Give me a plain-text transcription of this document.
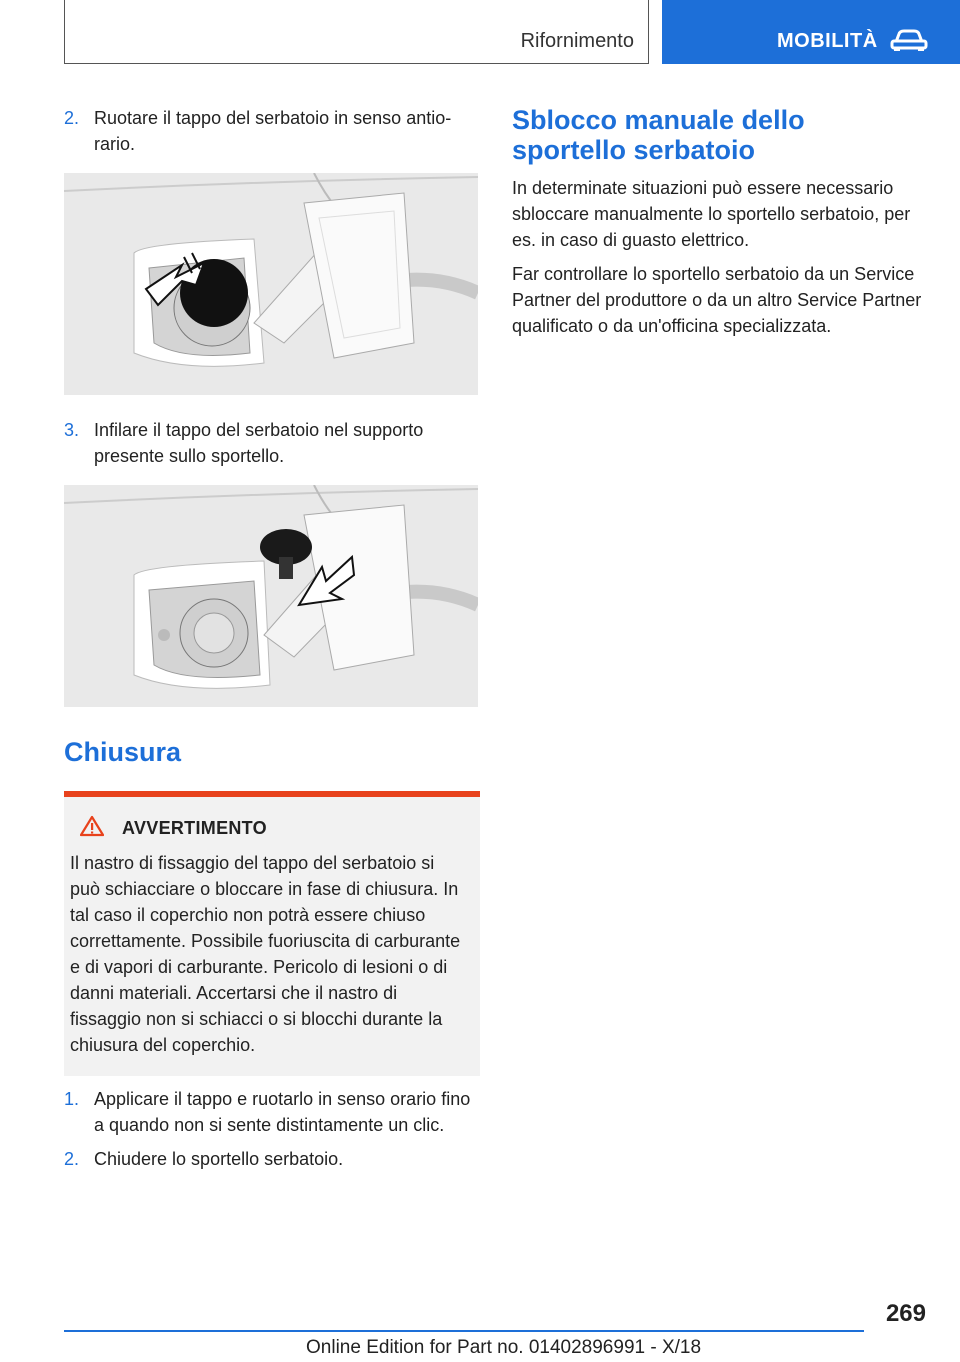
Rifornimento	MOBILITÀ
2. Ruotare il tappo del serbatoio in senso antiorario.
3. Infilare il tappo del serbatoio nel supporto presente sullo sportello.
Chiusura
AVVERTIMENTO
Il nastro di fissaggio del tappo del serbatoio si può schiacciare o bloccare in fase di chiusura. In tal caso il coperchio non potrà essere chiuso correttamente. Possibile fuoriuscita di carburante e di vapori di carburante. Pericolo di lesioni o di danni materiali. Accertarsi che il nastro di fissaggio non si schiacci o si blocchi durante la chiusura del coperchio.
1. Applicare il tappo e ruotarlo in senso orario fino a quando non si sente distintamente un clic.
2. Chiudere lo sportello serbatoio.
Sblocco manuale dello sportello serbatoio

In determinate situazioni può essere necessario sbloccare manualmente lo sportello serbatoio, per es. in caso di guasto elettrico.

Far controllare lo sportello serbatoio da un Service Partner del produttore o da un altro Service Partner qualificato o da un'officina specializzata.

269
Online Edition for Part no. 01402896991 - X/18
